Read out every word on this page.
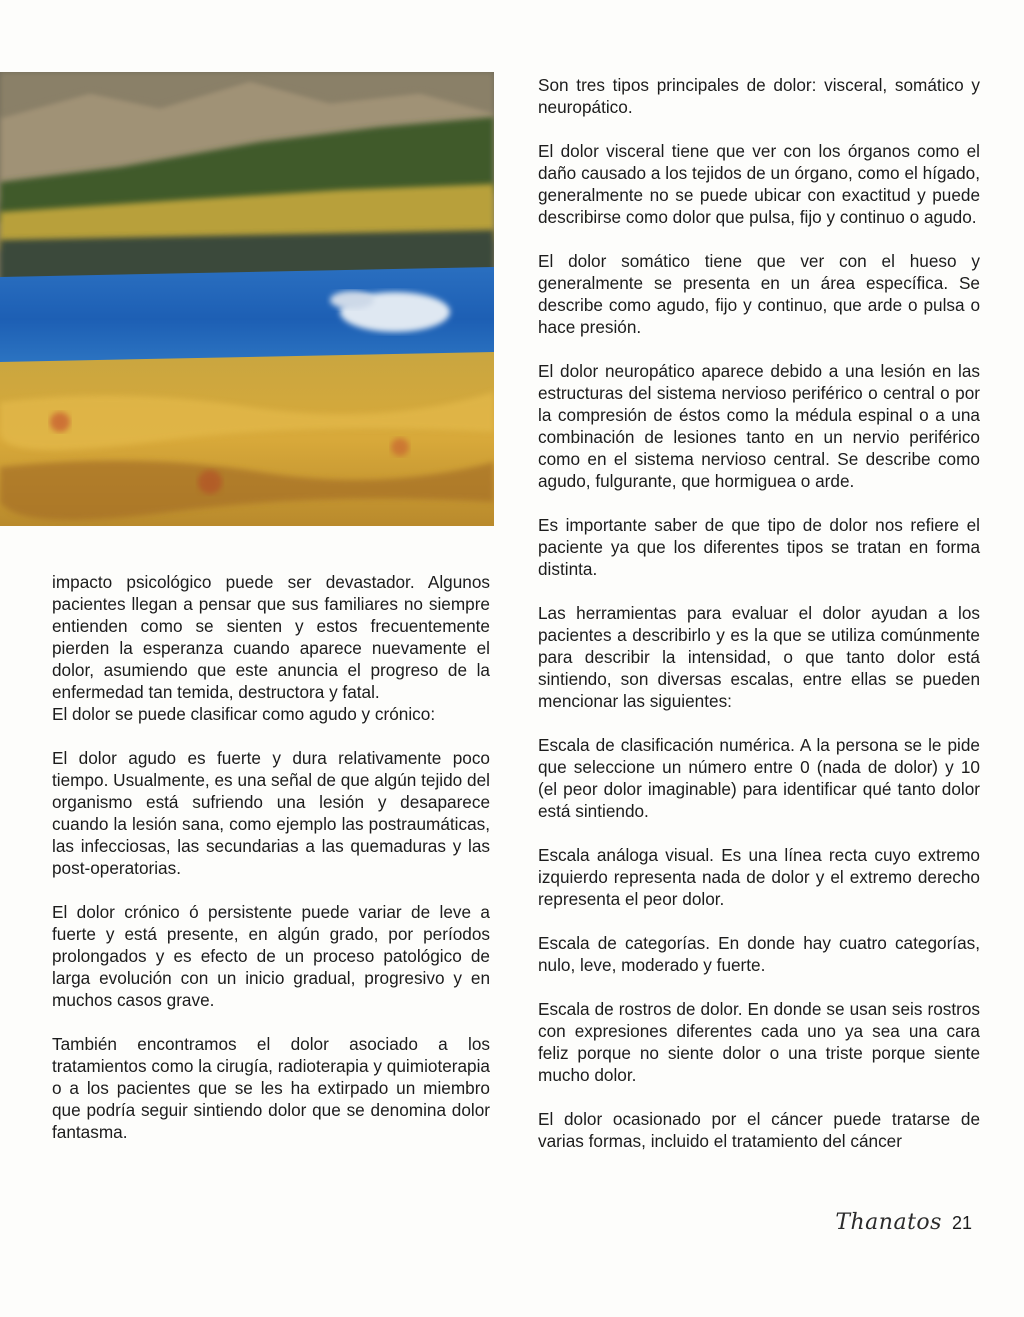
impacto psicológico puede ser devastador. Algunos pacientes llegan a pensar que sus familiares no siempre entienden como se sienten y estos frecuentemente pierden la esperanza cuando aparece nuevamente el dolor, asumiendo que este anuncia el progreso de la enfermedad tan temida, destructora y fatal.

El dolor se puede clasificar como agudo y crónico:

El dolor agudo es fuerte y dura relativamente poco tiempo. Usualmente, es una señal de que algún tejido del organismo está sufriendo una lesión y desaparece cuando la lesión sana, como ejemplo las postraumáticas, las infecciosas, las secundarias a las quemaduras y las post-operatorias.

El dolor crónico ó persistente puede variar de leve a fuerte y está presente, en algún grado, por períodos prolongados y es efecto de un proceso patológico de larga evolución con un inicio gradual, progresivo y en muchos casos grave.

También encontramos el dolor asociado a los tratamientos como la cirugía, radioterapia y quimioterapia o a los pacientes que se les ha extirpado un miembro que podría seguir sintiendo dolor que se denomina dolor fantasma.

Son tres tipos principales de dolor: visceral, somático y neuropático.

El dolor visceral tiene que ver con los órganos como el daño causado a los tejidos de un órgano, como el hígado, generalmente no se puede ubicar con exactitud y puede describirse como dolor que pulsa, fijo y continuo o agudo.

El dolor somático tiene que ver con el hueso y generalmente se presenta en un área específica. Se describe como agudo, fijo y continuo, que arde o pulsa o hace presión.

El dolor neuropático aparece debido a una lesión en las estructuras del sistema nervioso periférico o central o por la compresión de éstos como la médula espinal o a una combinación de lesiones tanto en un nervio periférico como en el sistema nervioso central. Se describe como agudo, fulgurante, que hormiguea o arde.

Es importante saber de que tipo de dolor nos refiere el paciente ya que los diferentes tipos se tratan en forma distinta.

Las herramientas para evaluar el dolor ayudan a los pacientes a describirlo y es la que se utiliza comúnmente para describir la intensidad, o que tanto dolor está sintiendo, son diversas escalas, entre ellas se pueden mencionar las siguientes:

Escala de clasificación numérica. A la persona se le pide que seleccione un número entre 0 (nada de dolor) y 10 (el peor dolor imaginable) para identificar qué tanto dolor está sintiendo.

Escala análoga visual. Es una línea recta cuyo extremo izquierdo representa nada de dolor y el extremo derecho representa el peor dolor.

Escala de categorías. En donde hay cuatro categorías, nulo, leve, moderado y fuerte.

Escala de rostros de dolor. En donde se usan seis rostros con expresiones diferentes cada uno ya sea una cara feliz porque no siente dolor o una triste porque siente mucho dolor.

El dolor ocasionado por el cáncer puede tratarse de varias formas, incluido el tratamiento del cáncer

Thanatos 21
